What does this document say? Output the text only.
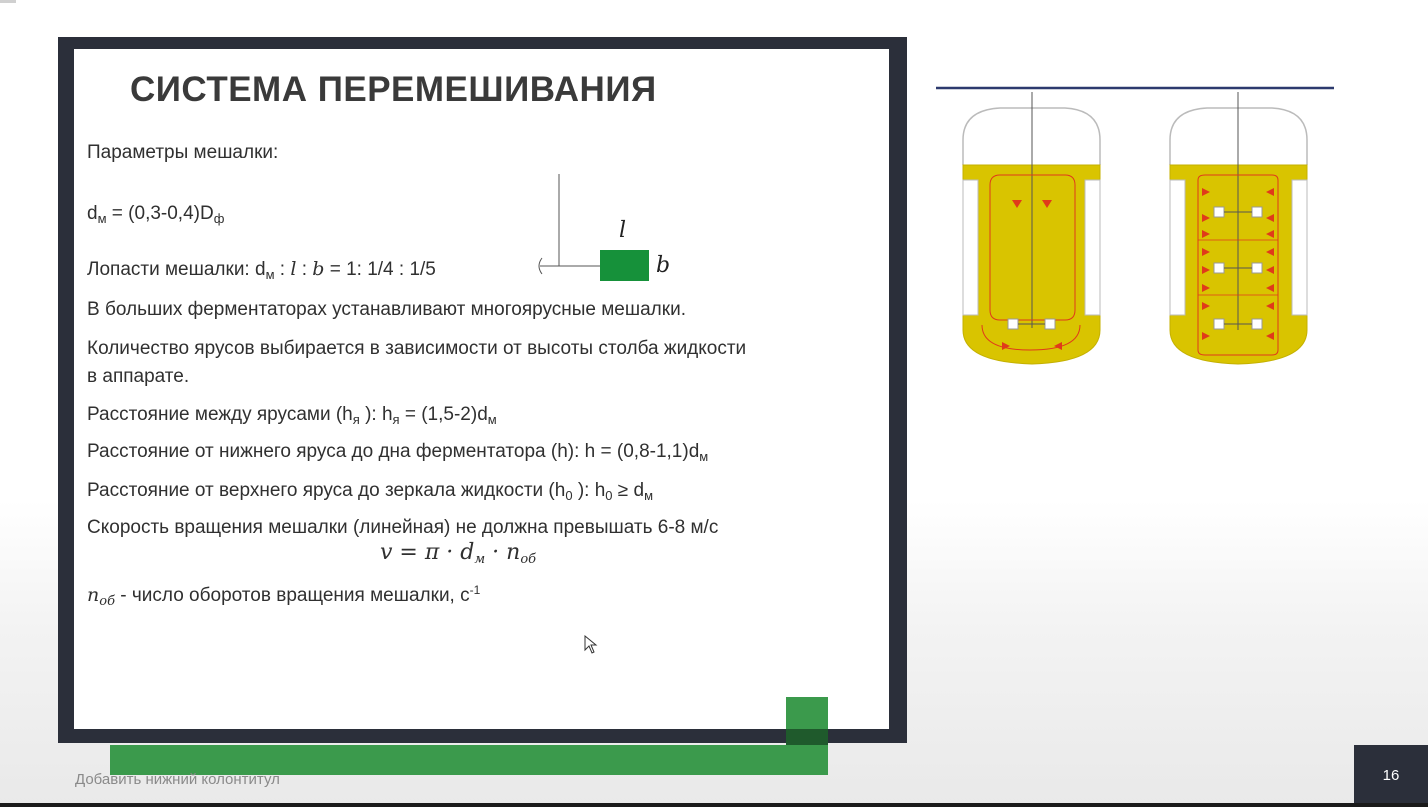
СИСТЕМА ПЕРЕМЕШИВАНИЯ
Параметры мешалки:
$d_м = (0,3-0,4)D_ф$
Лопасти мешалки: $d_м$ : l : b = 1: 1/4 : 1/5
l
b
В больших ферментаторах устанавливают многоярусные мешалки.
Количество ярусов выбирается в зависимости от высоты столба жидкости
в аппарате.
Расстояние между ярусами ($h_я$ ): $h_я = (1,5-2)d_м$
Расстояние от нижнего яруса до дна ферментатора (h): $h = (0,8-1,1)d_м$
Расстояние от верхнего яруса до зеркала жидкости ($h_0$ ): $h_0 \ge d_м$
Скорость вращения мешалки (линейная) не должна превышать 6-8 м/с
$v = \pi \cdot d_м \cdot n_{об}$
$n_{об}$ - число оборотов вращения мешалки, $с^{-1}$
Добавить нижний колонтитул	16
